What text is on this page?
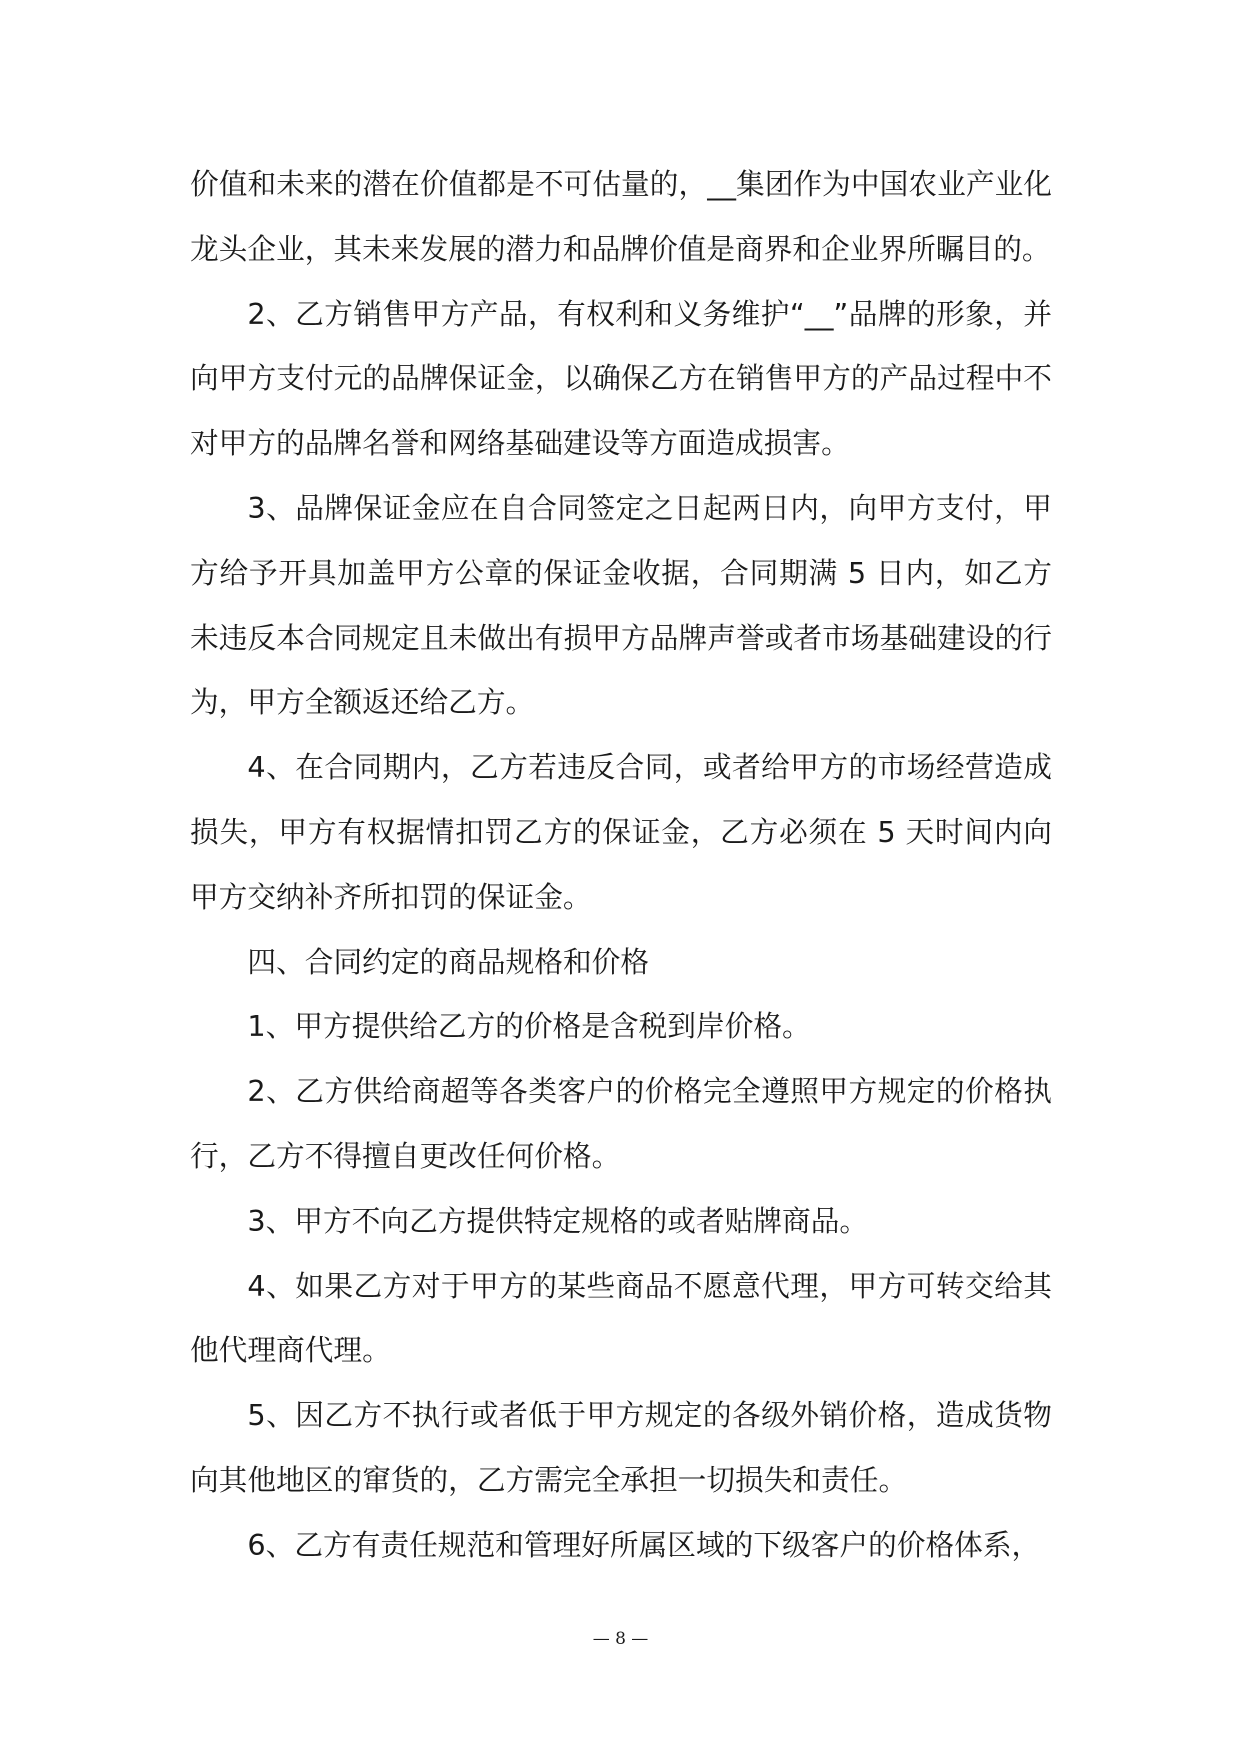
价值和未来的潜在价值都是不可估量的，__集团作为中国农业产业化龙头企业，其未来发展的潜力和品牌价值是商界和企业界所瞩目的。

2、乙方销售甲方产品，有权利和义务维护“__”品牌的形象，并向甲方支付元的品牌保证金，以确保乙方在销售甲方的产品过程中不对甲方的品牌名誉和网络基础建设等方面造成损害。

3、品牌保证金应在自合同签定之日起两日内，向甲方支付，甲方给予开具加盖甲方公章的保证金收据，合同期满 5 日内，如乙方未违反本合同规定且未做出有损甲方品牌声誉或者市场基础建设的行为，甲方全额返还给乙方。

4、在合同期内，乙方若违反合同，或者给甲方的市场经营造成损失，甲方有权据情扣罚乙方的保证金，乙方必须在 5 天时间内向甲方交纳补齐所扣罚的保证金。

四、合同约定的商品规格和价格

1、甲方提供给乙方的价格是含税到岸价格。

2、乙方供给商超等各类客户的价格完全遵照甲方规定的价格执行，乙方不得擅自更改任何价格。

3、甲方不向乙方提供特定规格的或者贴牌商品。

4、如果乙方对于甲方的某些商品不愿意代理，甲方可转交给其他代理商代理。

5、因乙方不执行或者低于甲方规定的各级外销价格，造成货物向其他地区的窜货的，乙方需完全承担一切损失和责任。

6、乙方有责任规范和管理好所属区域的下级客户的价格体系，

— 8 —
